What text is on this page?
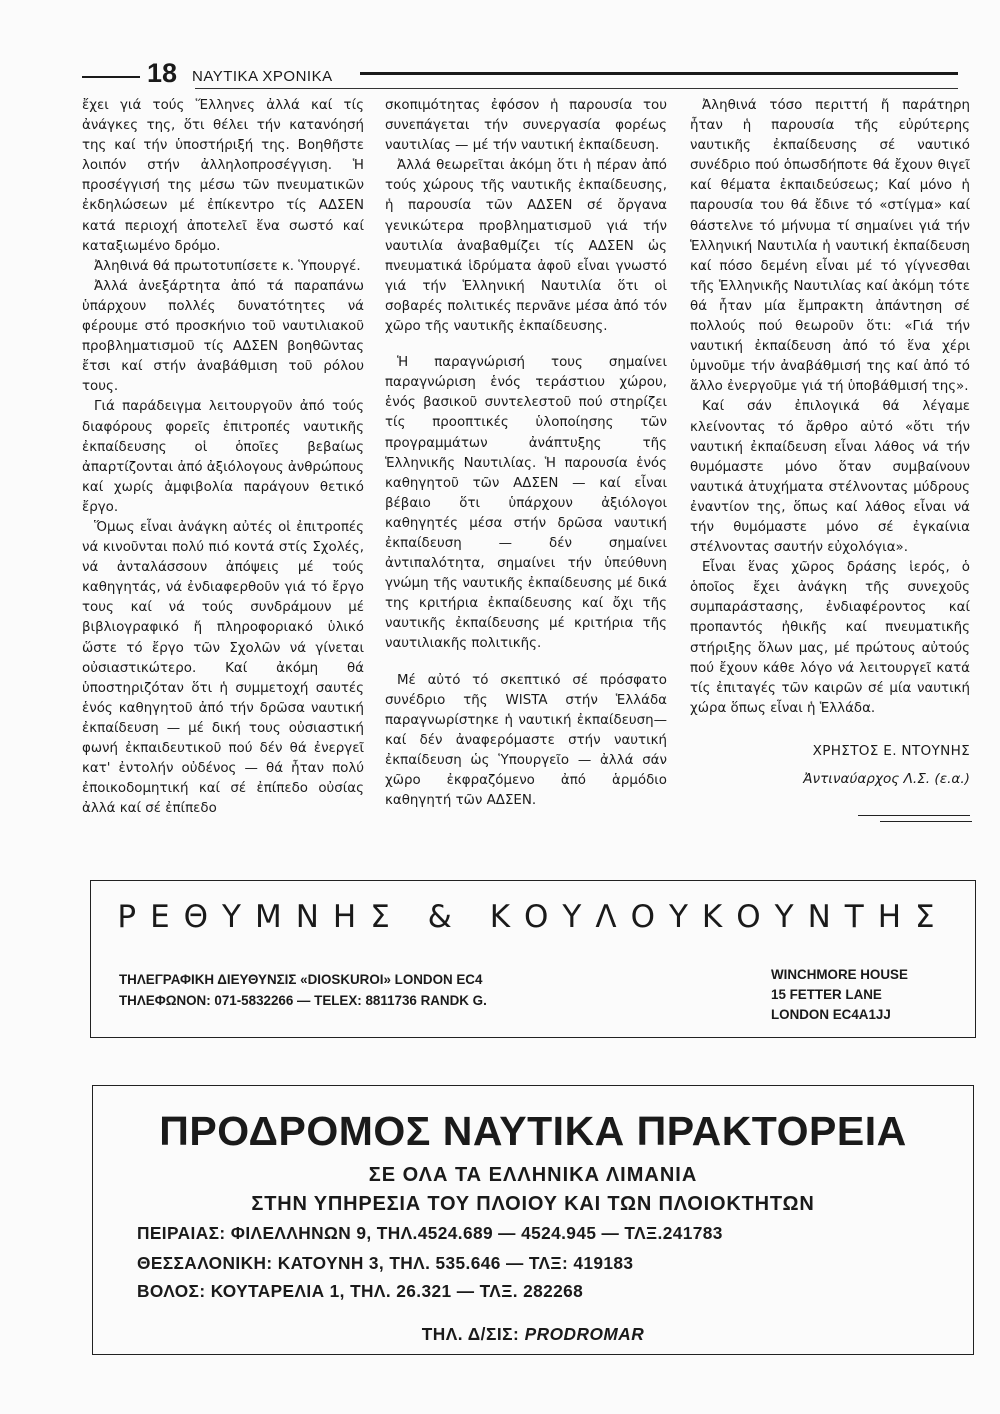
18 ΝΑΥΤΙΚΑ ΧΡΟΝΙΚΑ

ἔχει γιά τούς Ἕλληνες ἀλλά καί τίς ἀνάγκες της, ὅτι θέλει τήν κατανόησή της καί τήν ὑποστήριξή της. Βοηθῆστε λοιπόν στήν ἀλληλοπροσέγγιση. Ἡ προσέγγισή της μέσω τῶν πνευματικῶν ἐκδηλώσεων μέ ἐπίκεντρο τίς ΑΔΣΕΝ κατά περιοχή ἀποτελεῖ ἕνα σωστό καί καταξιωμένο δρόμο.

Ἀληθινά θά πρωτοτυπίσετε κ. Ὑπουργέ.

Ἀλλά ἀνεξάρτητα ἀπό τά παραπάνω ὑπάρχουν πολλές δυνατότητες νά φέρουμε στό προσκήνιο τοῦ ναυτιλιακοῦ προβληματισμοῦ τίς ΑΔΣΕΝ βοηθῶντας ἔτσι καί στήν ἀναβάθμιση τοῦ ρόλου τους.

Γιά παράδειγμα λειτουργοῦν ἀπό τούς διαφόρους φορεῖς ἐπιτροπές ναυτικῆς ἐκπαίδευσης οἱ ὁποῖες βεβαίως ἀπαρτίζονται ἀπό ἀξιόλογους ἀνθρώπους καί χωρίς ἀμφιβολία παράγουν θετικό ἔργο.

Ὅμως εἶναι ἀνάγκη αὐτές οἱ ἐπιτροπές νά κινοῦνται πολύ πιό κοντά στίς Σχολές, νά ἀνταλάσσουν ἀπόψεις μέ τούς καθηγητάς, νά ἐνδιαφερθοῦν γιά τό ἔργο τους καί νά τούς συνδράμουν μέ βιβλιογραφικό ἤ πληροφοριακό ὑλικό ὥστε τό ἔργο τῶν Σχολῶν νά γίνεται οὐσιαστικώτερο. Καί ἀκόμη θά ὑποστηριζόταν ὅτι ἡ συμμετοχή σαυτές ἑνός καθηγητοῦ ἀπό τήν δρῶσα ναυτική ἐκπαίδευση — μέ δική τους οὐσιαστική φωνή ἐκπαιδευτικοῦ πού δέν θά ἐνεργεῖ κατ' ἐντολήν οὐδένος — θά ἦταν πολύ ἐποικοδομητική καί σέ ἐπίπεδο οὐσίας ἀλλά καί σέ ἐπίπεδο

σκοπιμότητας ἐφόσον ἡ παρουσία του συνεπάγεται τήν συνεργασία φορέως ναυτιλίας — μέ τήν ναυτική ἐκπαίδευση.

Ἀλλά θεωρεῖται ἀκόμη ὅτι ἡ πέραν ἀπό τούς χώρους τῆς ναυτικῆς ἐκπαίδευσης, ἡ παρουσία τῶν ΑΔΣΕΝ σέ ὄργανα γενικώτερα προβληματισμοῦ γιά τήν ναυτιλία ἀναβαθμίζει τίς ΑΔΣΕΝ ὡς πνευματικά ἱδρύματα ἀφοῦ εἶναι γνωστό γιά τήν Ἑλληνική Ναυτιλία ὅτι οἱ σοβαρές πολιτικές περνᾶνε μέσα ἀπό τόν χῶρο τῆς ναυτικῆς ἐκπαίδευσης.

Ἡ παραγνώρισή τους σημαίνει παραγνώριση ἑνός τεράστιου χώρου, ἑνός βασικοῦ συντελεστοῦ πού στηρίζει τίς προοπτικές ὑλοποίησης τῶν προγραμμάτων ἀνάπτυξης τῆς Ἑλληνικῆς Ναυτιλίας. Ἡ παρουσία ἑνός καθηγητοῦ τῶν ΑΔΣΕΝ — καί εἶναι βέβαιο ὅτι ὑπάρχουν ἀξιόλογοι καθηγητές μέσα στήν δρῶσα ναυτική ἐκπαίδευση — δέν σημαίνει ἀντιπαλότητα, σημαίνει τήν ὑπεύθυνη γνώμη τῆς ναυτικῆς ἐκπαίδευσης μέ δικά της κριτήρια ἐκπαίδευσης καί ὄχι τῆς ναυτικῆς ἐκπαίδευσης μέ κριτήρια τῆς ναυτιλιακῆς πολιτικῆς.

Μέ αὐτό τό σκεπτικό σέ πρόσφατο συνέδριο τῆς WISTA στήν Ἑλλάδα παραγνωρίστηκε ἡ ναυτική ἐκπαίδευση— καί δέν ἀναφερόμαστε στήν ναυτική ἐκπαίδευση ὡς Ὑπουργεῖο — ἀλλά σάν χῶρο ἐκφραζόμενο ἀπό ἁρμόδιο καθηγητή τῶν ΑΔΣΕΝ.

Ἀληθινά τόσο περιττή ἤ παράτηρη ἦταν ἡ παρουσία τῆς εὐρύτερης ναυτικῆς ἐκπαίδευσης σέ ναυτικό συνέδριο πού ὁπωσδήποτε θά ἔχουν θιγεῖ καί θέματα ἐκπαιδεύσεως; Καί μόνο ἡ παρουσία του θά ἔδινε τό «στίγμα» καί θάστελνε τό μήνυμα τί σημαίνει γιά τήν Ἑλληνική Ναυτιλία ἡ ναυτική ἐκπαίδευση καί πόσο δεμένη εἶναι μέ τό γίγνεσθαι τῆς Ἑλληνικῆς Ναυτιλίας καί ἀκόμη τότε θά ἦταν μία ἔμπρακτη ἀπάντηση σέ πολλούς πού θεωροῦν ὅτι: «Γιά τήν ναυτική ἐκπαίδευση ἀπό τό ἕνα χέρι ὑμνοῦμε τήν ἀναβάθμισή της καί ἀπό τό ἄλλο ἐνεργοῦμε γιά τή ὑποβάθμισή της».

Καί σάν ἐπιλογικά θά λέγαμε κλείνοντας τό ἄρθρο αὐτό «ὅτι τήν ναυτική ἐκπαίδευση εἶναι λάθος νά τήν θυμόμαστε μόνο ὅταν συμβαίνουν ναυτικά ἀτυχήματα στέλνοντας μύδρους ἐναντίον της, ὅπως καί λάθος εἶναι νά τήν θυμόμαστε μόνο σέ ἐγκαίνια στέλνοντας σαυτήν εὐχολόγια».

Εἶναι ἕνας χῶρος δράσης ἱερός, ὁ ὁποῖος ἔχει ἀνάγκη τῆς συνεχοῦς συμπαράστασης, ἐνδιαφέροντος καί προπαντός ἠθικῆς καί πνευματικῆς στήριξης ὅλων μας, μέ πρώτους αὐτούς πού ἔχουν κάθε λόγο νά λειτουργεῖ κατά τίς ἐπιταγές τῶν καιρῶν σέ μία ναυτική χώρα ὅπως εἶναι ἡ Ἑλλάδα.

ΧΡΗΣΤΟΣ Ε. ΝΤΟΥΝΗΣ
Ἀντιναύαρχος Λ.Σ. (ε.α.)
ΡΕΘΥΜΝΗΣ & ΚΟΥΛΟΥΚΟΥΝΤΗΣ
ΤΗΛΕΓΡΑΦΙΚΗ ΔΙΕΥΘΥΝΣΙΣ «DIOSKUROI» LONDON EC4
ΤΗΛΕΦΩΝΟΝ: 071-5832266 — TELEX: 8811736 RANDK G.
WINCHMORE HOUSE
15 FETTER LANE
LONDON EC4A1JJ
ΠΡΟΔΡΟΜΟΣ ΝΑΥΤΙΚΑ ΠΡΑΚΤΟΡΕΙΑ
ΣΕ ΟΛΑ ΤΑ ΕΛΛΗΝΙΚΑ ΛΙΜΑΝΙΑ
ΣΤΗΝ ΥΠΗΡΕΣΙΑ ΤΟΥ ΠΛΟΙΟΥ ΚΑΙ ΤΩΝ ΠΛΟΙΟΚΤΗΤΩΝ
ΠΕΙΡΑΙΑΣ: ΦΙΛΕΛΛΗΝΩΝ 9, ΤΗΛ.4524.689 — 4524.945 — ΤΛΞ.241783
ΘΕΣΣΑΛΟΝΙΚΗ: ΚΑΤΟΥΝΗ 3, ΤΗΛ. 535.646 — ΤΛΞ: 419183
ΒΟΛΟΣ: ΚΟΥΤΑΡΕΛΙΑ 1, ΤΗΛ. 26.321 — ΤΛΞ. 282268
ΤΗΛ. Δ/ΣΙΣ: PRODROMAR
